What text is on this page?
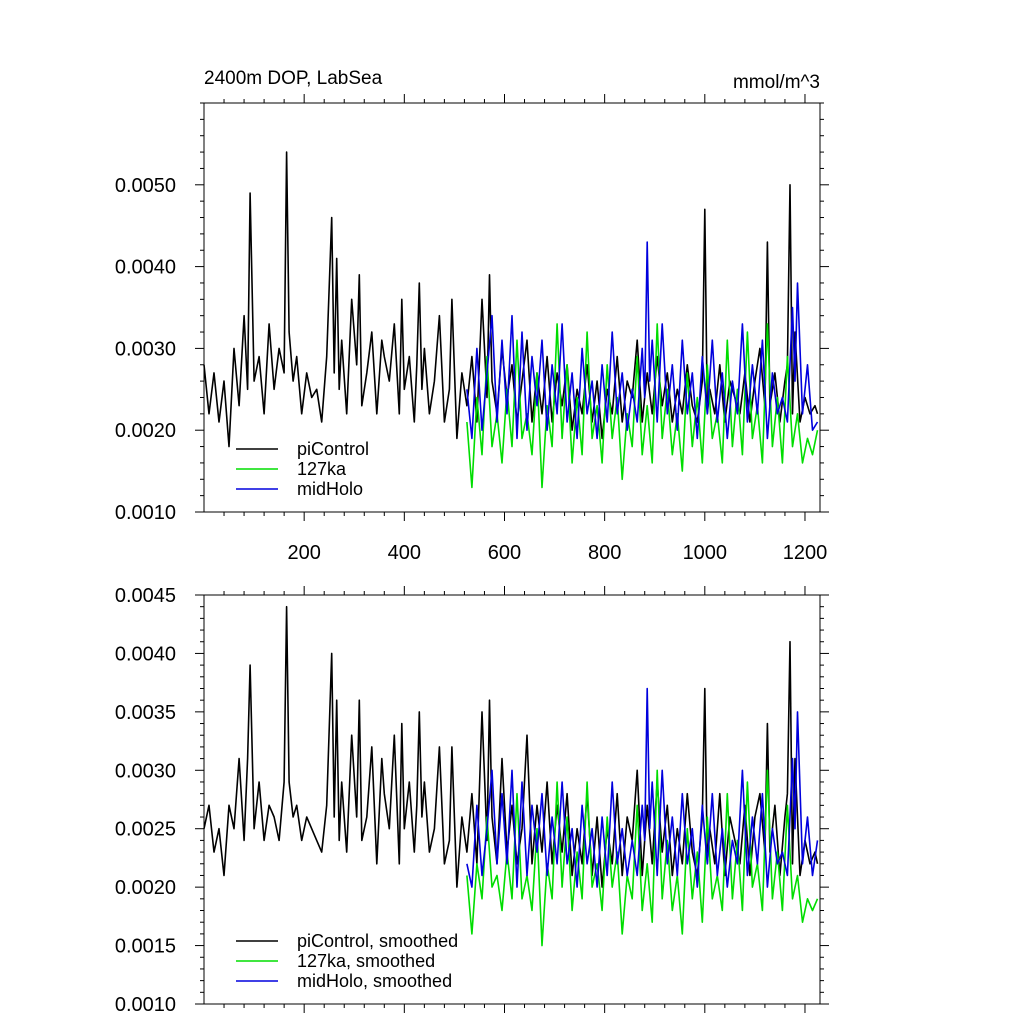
2400m DOP, LabSea	mmol/m^3
0.0010
0.0020
0.0030
0.0040
0.0050
200	400	600	800	1000	1200
piControl
127ka
midHolo
0.0010
0.0015
0.0020
0.0025
0.0030
0.0035
0.0040
0.0045
piControl, smoothed
127ka, smoothed
midHolo, smoothed
